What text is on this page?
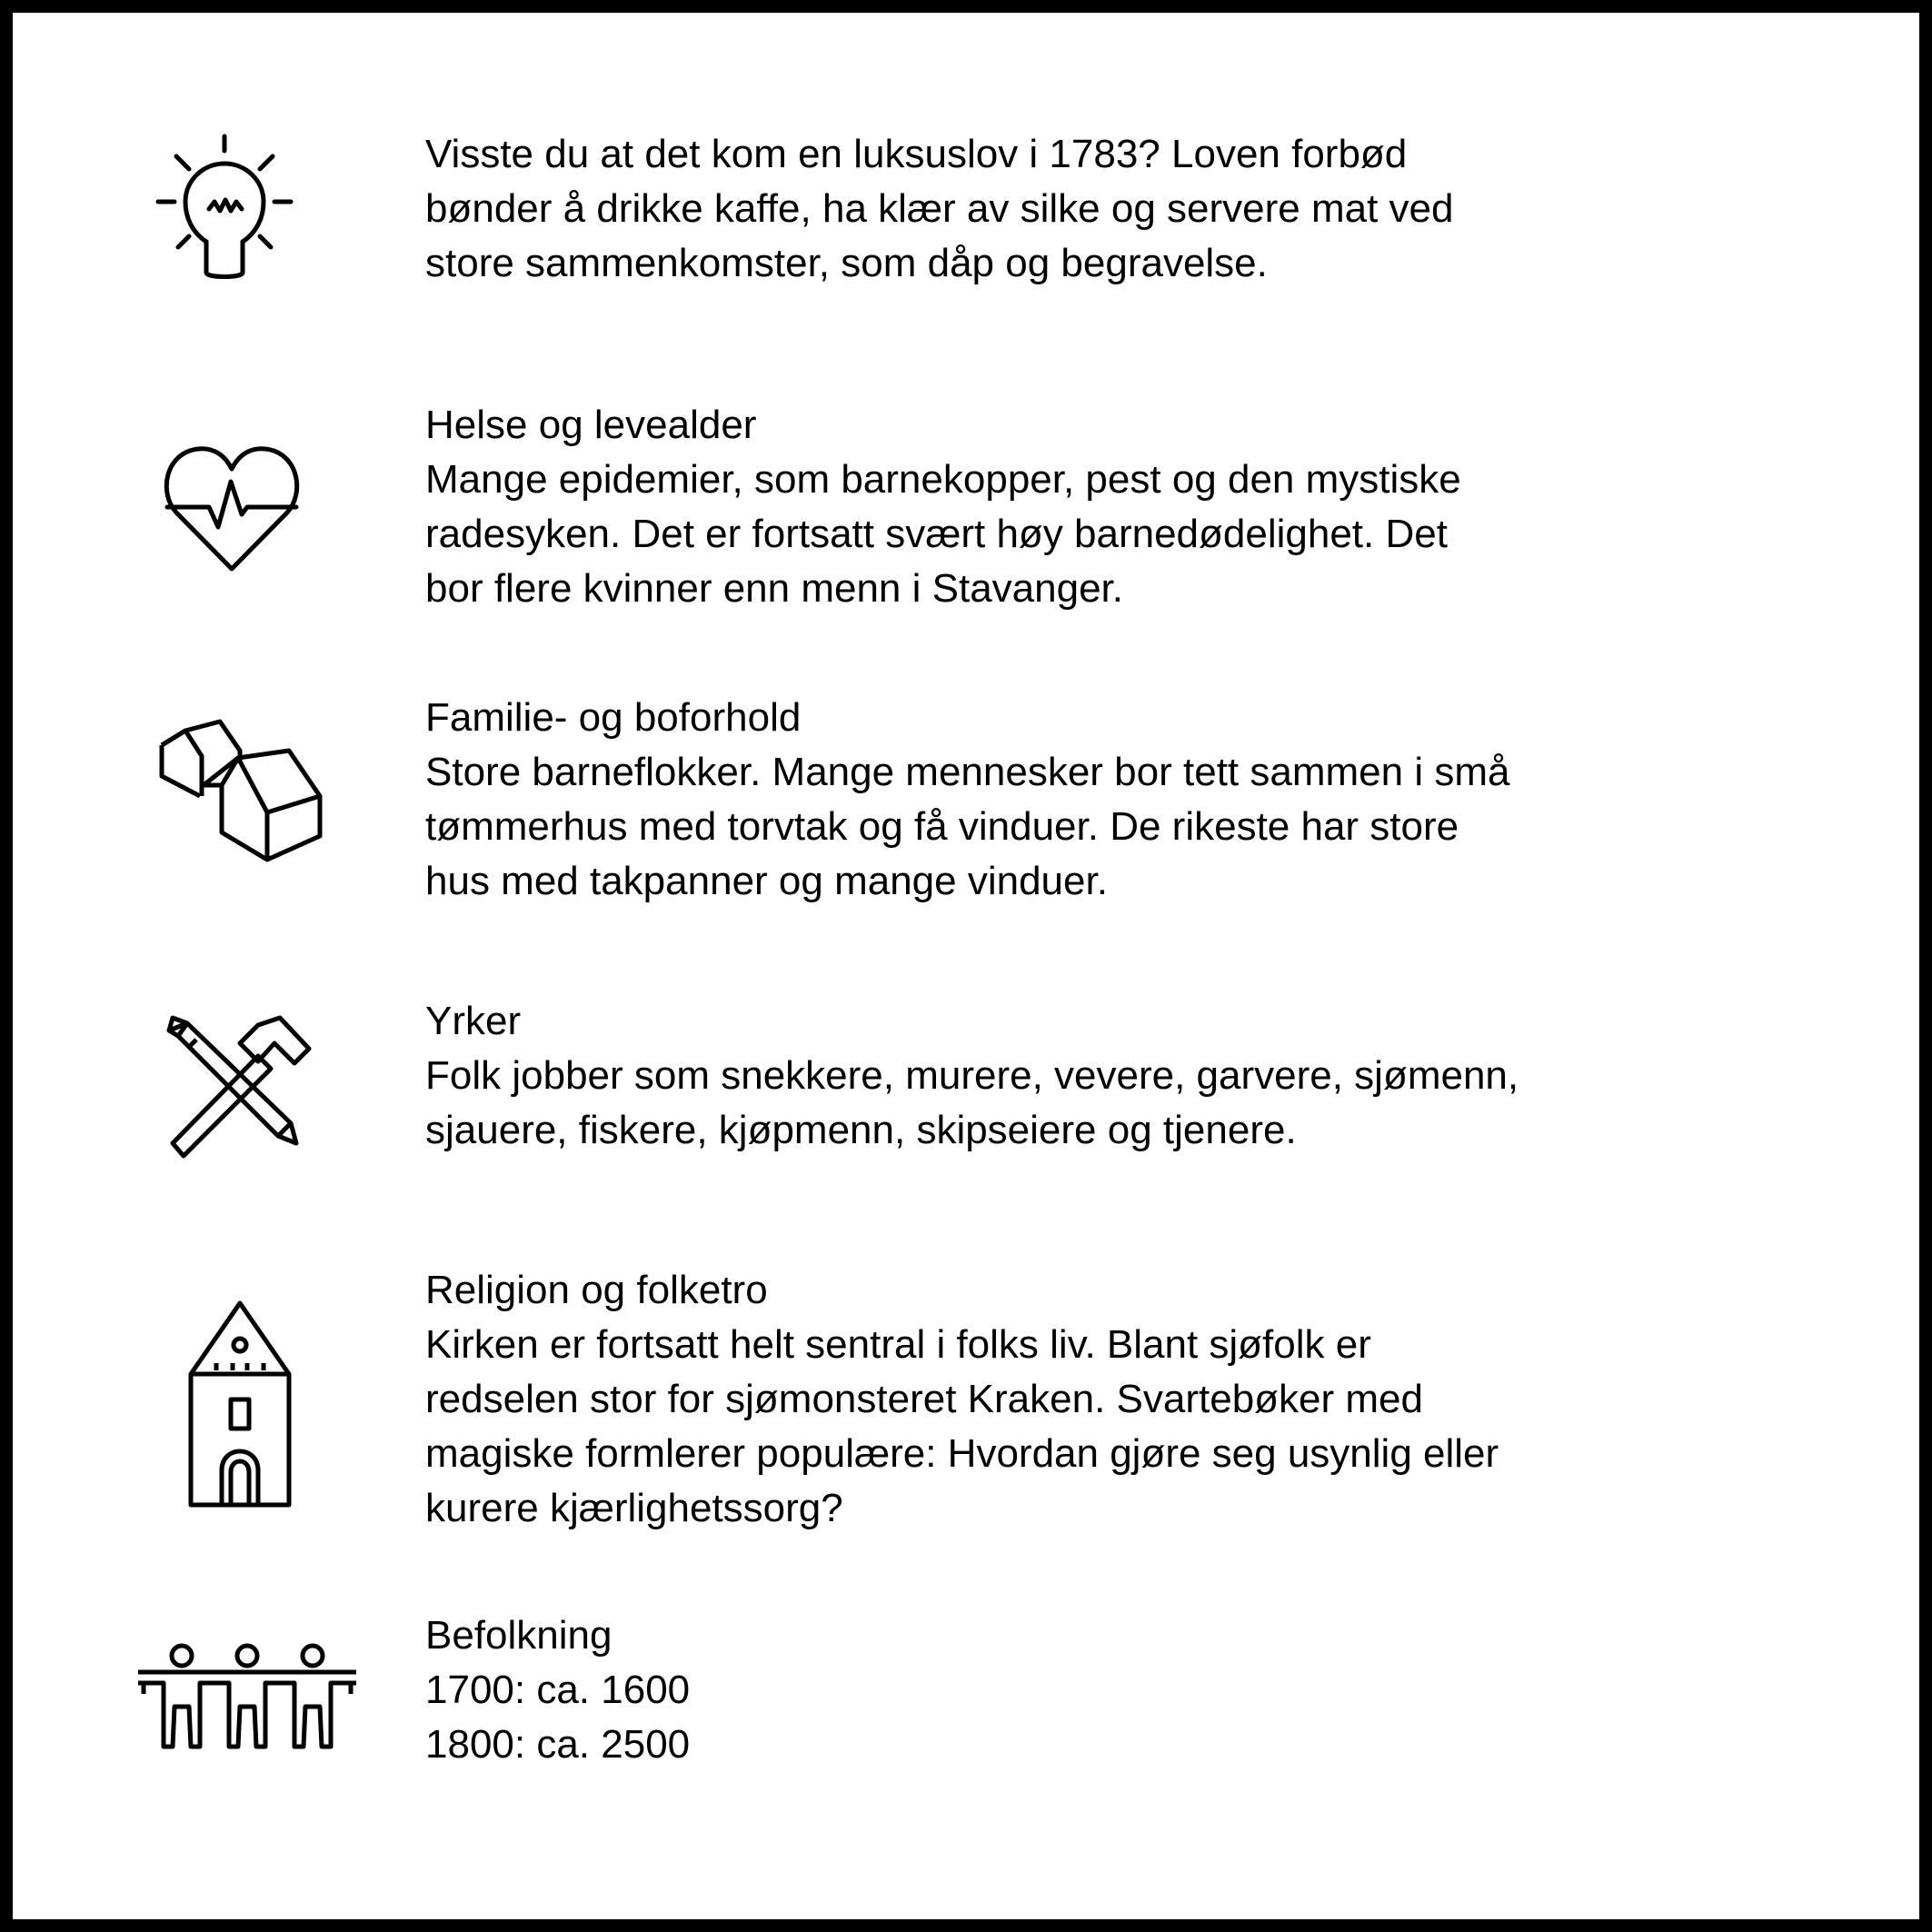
Visste du at det kom en luksuslov i 1783? Loven forbød
bønder å drikke kaffe, ha klær av silke og servere mat ved
store sammenkomster, som dåp og begravelse.
Helse og levealder
Mange epidemier, som barnekopper, pest og den mystiske
radesyken. Det er fortsatt svært høy barnedødelighet. Det
bor flere kvinner enn menn i Stavanger.
Familie- og boforhold
Store barneflokker. Mange mennesker bor tett sammen i små
tømmerhus med torvtak og få vinduer. De rikeste har store
hus med takpanner og mange vinduer.
Yrker
Folk jobber som snekkere, murere, vevere, garvere, sjømenn,
sjauere, fiskere, kjøpmenn, skipseiere og tjenere.
Religion og folketro
Kirken er fortsatt helt sentral i folks liv. Blant sjøfolk er
redselen stor for sjømonsteret Kraken. Svartebøker med
magiske formlerer populære: Hvordan gjøre seg usynlig eller
kurere kjærlighetssorg?
Befolkning
1700: ca. 1600
1800: ca. 2500
